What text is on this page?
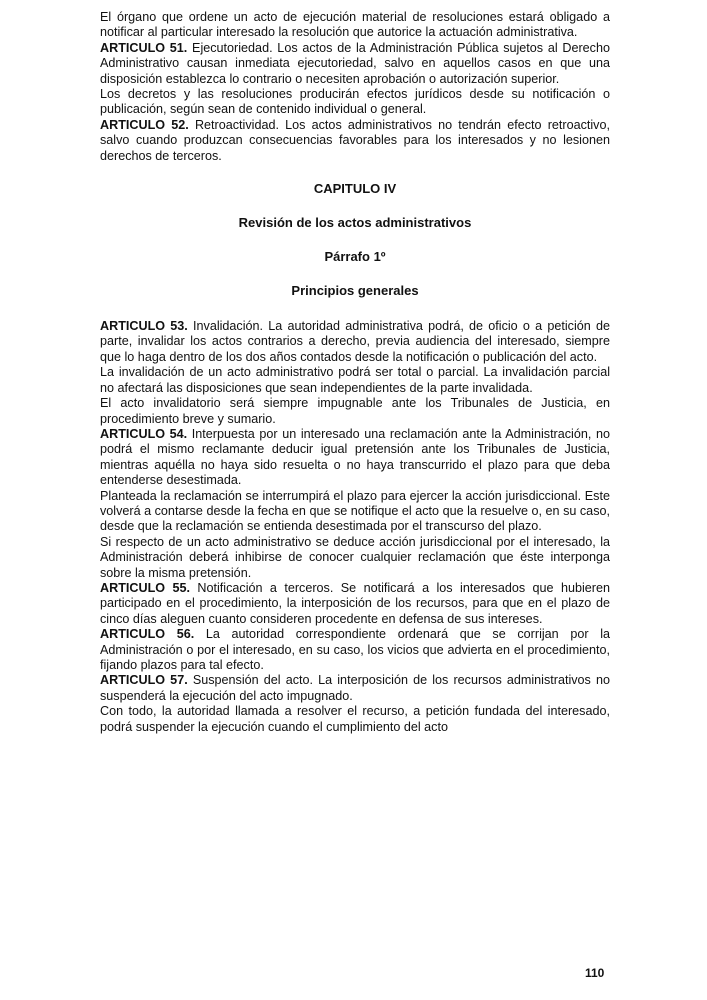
El órgano que ordene un acto de ejecución material de resoluciones estará obligado a notificar al particular interesado la resolución que autorice la actuación administrativa.

ARTICULO 51. Ejecutoriedad. Los actos de la Administración Pública sujetos al Derecho Administrativo causan inmediata ejecutoriedad, salvo en aquellos casos en que una disposición establezca lo contrario o necesiten aprobación o autorización superior.

Los decretos y las resoluciones producirán efectos jurídicos desde su notificación o publicación, según sean de contenido individual o general.

ARTICULO 52. Retroactividad. Los actos administrativos no tendrán efecto retroactivo, salvo cuando produzcan consecuencias favorables para los interesados y no lesionen derechos de terceros.

CAPITULO IV

Revisión de los actos administrativos

Párrafo 1º

Principios generales

ARTICULO 53. Invalidación. La autoridad administrativa podrá, de oficio o a petición de parte, invalidar los actos contrarios a derecho, previa audiencia del interesado, siempre que lo haga dentro de los dos años contados desde la notificación o publicación del acto.

La invalidación de un acto administrativo podrá ser total o parcial. La invalidación parcial no afectará las disposiciones que sean independientes de la parte invalidada.

El acto invalidatorio será siempre impugnable ante los Tribunales de Justicia, en procedimiento breve y sumario.

ARTICULO 54. Interpuesta por un interesado una reclamación ante la Administración, no podrá el mismo reclamante deducir igual pretensión ante los Tribunales de Justicia, mientras aquélla no haya sido resuelta o no haya transcurrido el plazo para que deba entenderse desestimada.

Planteada la reclamación se interrumpirá el plazo para ejercer la acción jurisdiccional. Este volverá a contarse desde la fecha en que se notifique el acto que la resuelve o, en su caso, desde que la reclamación se entienda desestimada por el transcurso del plazo.

Si respecto de un acto administrativo se deduce acción jurisdiccional por el interesado, la Administración deberá inhibirse de conocer cualquier reclamación que éste interponga sobre la misma pretensión.

ARTICULO 55. Notificación a terceros. Se notificará a los interesados que hubieren participado en el procedimiento, la interposición de los recursos, para que en el plazo de cinco días aleguen cuanto consideren procedente en defensa de sus intereses.

ARTICULO 56. La autoridad correspondiente ordenará que se corrijan por la Administración o por el interesado, en su caso, los vicios que advierta en el procedimiento, fijando plazos para tal efecto.

ARTICULO 57. Suspensión del acto. La interposición de los recursos administrativos no suspenderá la ejecución del acto impugnado.

Con todo, la autoridad llamada a resolver el recurso, a petición fundada del interesado, podrá suspender la ejecución cuando el cumplimiento del acto

110
